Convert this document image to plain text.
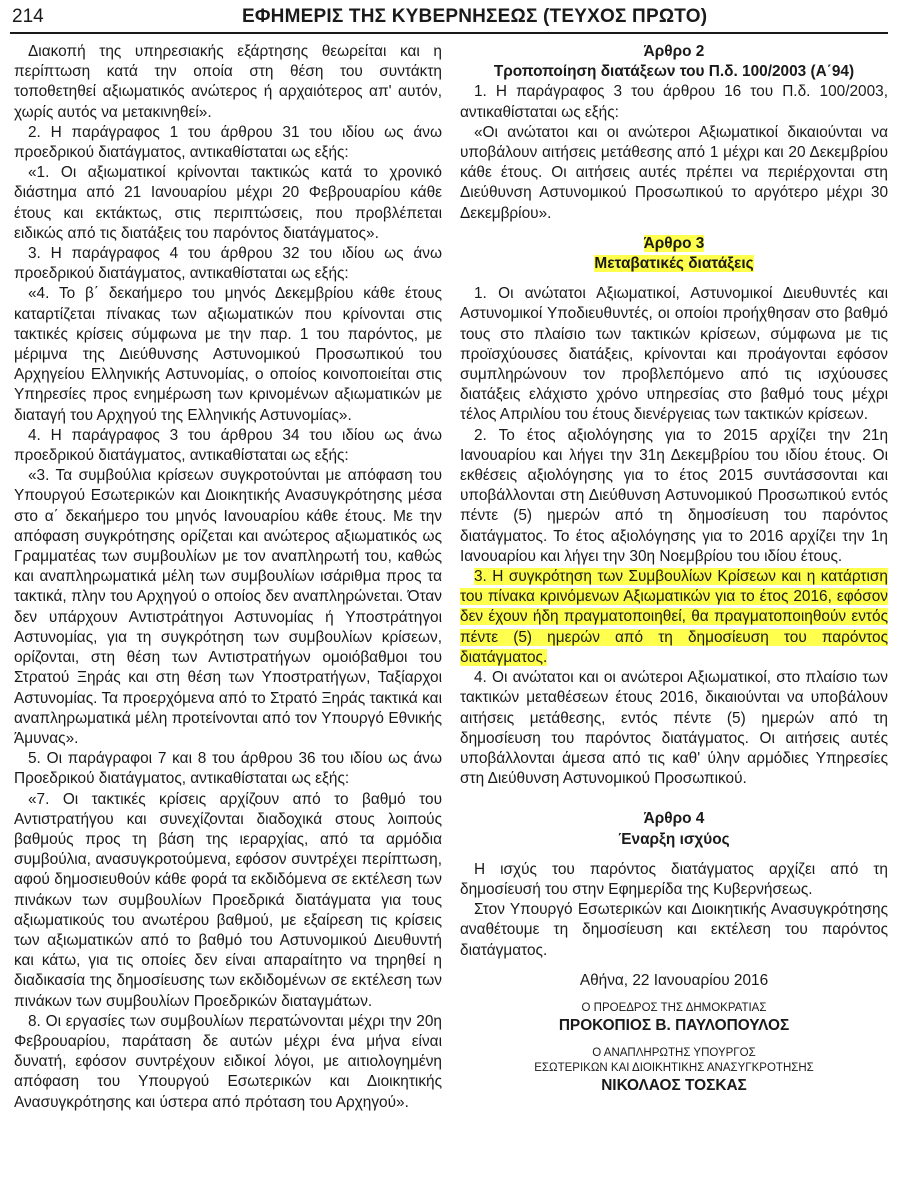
214	ΕΦΗΜΕΡΙΣ ΤΗΣ ΚΥΒΕΡΝΗΣΕΩΣ (ΤΕΥΧΟΣ ΠΡΩΤΟ)

Διακοπή της υπηρεσιακής εξάρτησης θεωρείται και η περίπτωση κατά την οποία στη θέση του συντάκτη τοποθετηθεί αξιωματικός ανώτερος ή αρχαιότερος απ' αυτόν, χωρίς αυτός να μετακινηθεί».

2. Η παράγραφος 1 του άρθρου 31 του ιδίου ως άνω προεδρικού διατάγματος, αντικαθίσταται ως εξής:

«1. Οι αξιωματικοί κρίνονται τακτικώς κατά το χρονικό διάστημα από 21 Ιανουαρίου μέχρι 20 Φεβρουαρίου κάθε έτους και εκτάκτως, στις περιπτώσεις, που προβλέπεται ειδικώς από τις διατάξεις του παρόντος διατάγματος».

3. Η παράγραφος 4 του άρθρου 32 του ιδίου ως άνω προεδρικού διατάγματος, αντικαθίσταται ως εξής:

«4. Το β΄ δεκαήμερο του μηνός Δεκεμβρίου κάθε έτους καταρτίζεται πίνακας των αξιωματικών που κρίνονται στις τακτικές κρίσεις σύμφωνα με την παρ. 1 του παρόντος, με μέριμνα της Διεύθυνσης Αστυνομικού Προσωπικού του Αρχηγείου Ελληνικής Αστυνομίας, ο οποίος κοινοποιείται στις Υπηρεσίες προς ενημέρωση των κρινομένων αξιωματικών με διαταγή του Αρχηγού της Ελληνικής Αστυνομίας».

4. Η παράγραφος 3 του άρθρου 34 του ιδίου ως άνω προεδρικού διατάγματος, αντικαθίσταται ως εξής:

«3. Τα συμβούλια κρίσεων συγκροτούνται με απόφαση του Υπουργού Εσωτερικών και Διοικητικής Ανασυγκρότησης μέσα στο α΄ δεκαήμερο του μηνός Ιανουαρίου κάθε έτους. Με την απόφαση συγκρότησης ορίζεται και ανώτερος αξιωματικός ως Γραμματέας των συμβουλίων με τον αναπληρωτή του, καθώς και αναπληρωματικά μέλη των συμβουλίων ισάριθμα προς τα τακτικά, πλην του Αρχηγού ο οποίος δεν αναπληρώνεται. Όταν δεν υπάρχουν Αντιστράτηγοι Αστυνομίας ή Υποστράτηγοι Αστυνομίας, για τη συγκρότηση των συμβουλίων κρίσεων, ορίζονται, στη θέση των Αντιστρατήγων ομοιόβαθμοι του Στρατού Ξηράς και στη θέση των Υποστρατήγων, Ταξίαρχοι Αστυνομίας. Τα προερχόμενα από το Στρατό Ξηράς τακτικά και αναπληρωματικά μέλη προτείνονται από τον Υπουργό Εθνικής Άμυνας».

5. Οι παράγραφοι 7 και 8 του άρθρου 36 του ιδίου ως άνω Προεδρικού διατάγματος, αντικαθίσταται ως εξής:

«7. Οι τακτικές κρίσεις αρχίζουν από το βαθμό του Αντιστρατήγου και συνεχίζονται διαδοχικά στους λοιπούς βαθμούς προς τη βάση της ιεραρχίας, από τα αρμόδια συμβούλια, ανασυγκροτούμενα, εφόσον συντρέχει περίπτωση, αφού δημοσιευθούν κάθε φορά τα εκδιδόμενα σε εκτέλεση των πινάκων των συμβουλίων Προεδρικά διατάγματα για τους αξιωματικούς του ανωτέρου βαθμού, με εξαίρεση τις κρίσεις των αξιωματικών από το βαθμό του Αστυνομικού Διευθυντή και κάτω, για τις οποίες δεν είναι απαραίτητο να τηρηθεί η διαδικασία της δημοσίευσης των εκδιδομένων σε εκτέλεση των πινάκων των συμβουλίων Προεδρικών διαταγμάτων.

8. Οι εργασίες των συμβουλίων περατώνονται μέχρι την 20η Φεβρουαρίου, παράταση δε αυτών μέχρι ένα μήνα είναι δυνατή, εφόσον συντρέχουν ειδικοί λόγοι, με αιτιολογημένη απόφαση του Υπουργού Εσωτερικών και Διοικητικής Ανασυγκρότησης και ύστερα από πρόταση του Αρχηγού».

Άρθρο 2

Τροποποίηση διατάξεων του Π.δ. 100/2003 (Α΄94)

1. Η παράγραφος 3 του άρθρου 16 του Π.δ. 100/2003, αντικαθίσταται ως εξής:

«Οι ανώτατοι και οι ανώτεροι Αξιωματικοί δικαιούνται να υποβάλουν αιτήσεις μετάθεσης από 1 μέχρι και 20 Δεκεμβρίου κάθε έτους. Οι αιτήσεις αυτές πρέπει να περιέρχονται στη Διεύθυνση Αστυνομικού Προσωπικού το αργότερο μέχρι 30 Δεκεμβρίου».

Άρθρο 3

Μεταβατικές διατάξεις

1. Οι ανώτατοι Αξιωματικοί, Αστυνομικοί Διευθυντές και Αστυνομικοί Υποδιευθυντές, οι οποίοι προήχθησαν στο βαθμό τους στο πλαίσιο των τακτικών κρίσεων, σύμφωνα με τις προϊσχύουσες διατάξεις, κρίνονται και προάγονται εφόσον συμπληρώνουν τον προβλεπόμενο από τις ισχύουσες διατάξεις ελάχιστο χρόνο υπηρεσίας στο βαθμό τους μέχρι τέλος Απριλίου του έτους διενέργειας των τακτικών κρίσεων.

2. Το έτος αξιολόγησης για το 2015 αρχίζει την 21η Ιανουαρίου και λήγει την 31η Δεκεμβρίου του ιδίου έτους. Οι εκθέσεις αξιολόγησης για το έτος 2015 συντάσσονται και υποβάλλονται στη Διεύθυνση Αστυνομικού Προσωπικού εντός πέντε (5) ημερών από τη δημοσίευση του παρόντος διατάγματος. Το έτος αξιολόγησης για το 2016 αρχίζει την 1η Ιανουαρίου και λήγει την 30η Νοεμβρίου του ιδίου έτους.

3. Η συγκρότηση των Συμβουλίων Κρίσεων και η κατάρτιση του πίνακα κρινόμενων Αξιωματικών για το έτος 2016, εφόσον δεν έχουν ήδη πραγματοποιηθεί, θα πραγματοποιηθούν εντός πέντε (5) ημερών από τη δημοσίευση του παρόντος διατάγματος.

4. Οι ανώτατοι και οι ανώτεροι Αξιωματικοί, στο πλαίσιο των τακτικών μεταθέσεων έτους 2016, δικαιούνται να υποβάλουν αιτήσεις μετάθεσης, εντός πέντε (5) ημερών από τη δημοσίευση του παρόντος διατάγματος. Οι αιτήσεις αυτές υποβάλλονται άμεσα από τις καθ' ύλην αρμόδιες Υπηρεσίες στη Διεύθυνση Αστυνομικού Προσωπικού.

Άρθρο 4

Έναρξη ισχύος

Η ισχύς του παρόντος διατάγματος αρχίζει από τη δημοσίευσή του στην Εφημερίδα της Κυβερνήσεως.

Στον Υπουργό Εσωτερικών και Διοικητικής Ανασυγκρότησης αναθέτουμε τη δημοσίευση και εκτέλεση του παρόντος διατάγματος.

Αθήνα, 22 Ιανουαρίου 2016

Ο ΠΡΟΕΔΡΟΣ ΤΗΣ ΔΗΜΟΚΡΑΤΙΑΣ

ΠΡΟΚΟΠΙΟΣ Β. ΠΑΥΛΟΠΟΥΛΟΣ

Ο ΑΝΑΠΛΗΡΩΤΗΣ ΥΠΟΥΡΓΟΣ

ΕΣΩΤΕΡΙΚΩΝ ΚΑΙ ΔΙΟΙΚΗΤΙΚΗΣ ΑΝΑΣΥΓΚΡΟΤΗΣΗΣ

ΝΙΚΟΛΑΟΣ ΤΟΣΚΑΣ
